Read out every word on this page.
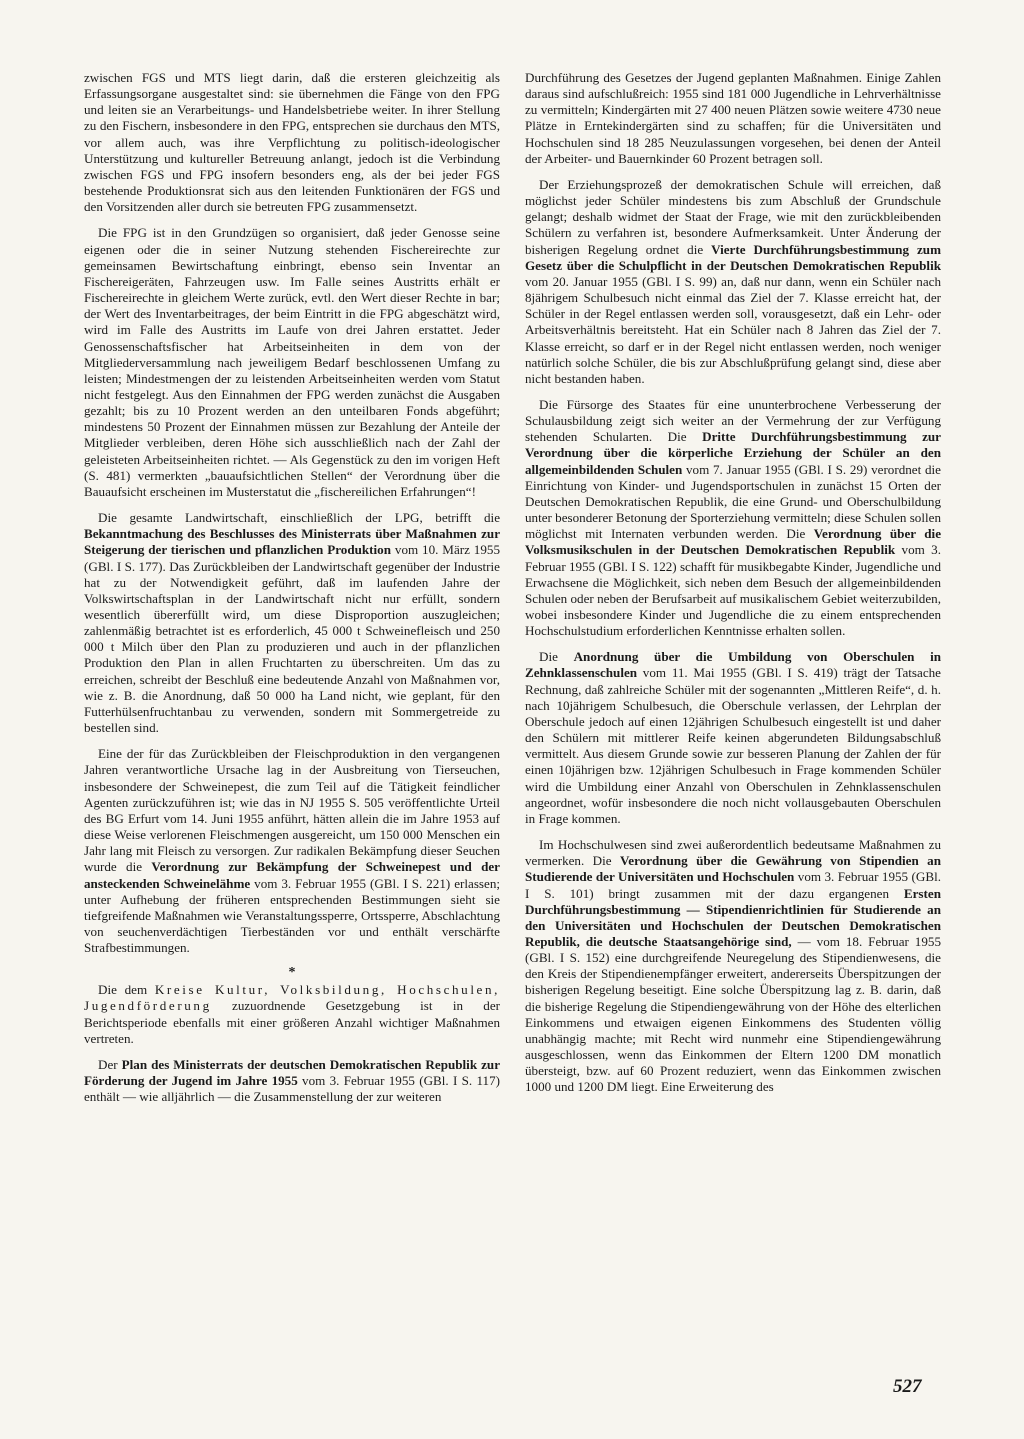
zwischen FGS und MTS liegt darin, daß die ersteren gleichzeitig als Erfassungsorgane ausgestaltet sind: sie übernehmen die Fänge von den FPG und leiten sie an Verarbeitungs- und Handelsbetriebe weiter. In ihrer Stellung zu den Fischern, insbesondere in den FPG, entsprechen sie durchaus den MTS, vor allem auch, was ihre Verpflichtung zu politisch-ideologischer Unterstützung und kultureller Betreuung anlangt, jedoch ist die Verbindung zwischen FGS und FPG insofern besonders eng, als der bei jeder FGS bestehende Produktionsrat sich aus den leitenden Funktionären der FGS und den Vorsitzenden aller durch sie betreuten FPG zusammensetzt.

Die FPG ist in den Grundzügen so organisiert, daß jeder Genosse seine eigenen oder die in seiner Nutzung stehenden Fischereirechte zur gemeinsamen Bewirtschaftung einbringt, ebenso sein Inventar an Fischereigeräten, Fahrzeugen usw. Im Falle seines Austritts erhält er Fischereirechte in gleichem Werte zurück, evtl. den Wert dieser Rechte in bar; der Wert des Inventarbeitrages, der beim Eintritt in die FPG abgeschätzt wird, wird im Falle des Austritts im Laufe von drei Jahren erstattet. Jeder Genossenschaftsfischer hat Arbeitseinheiten in dem von der Mitgliederversammlung nach jeweiligem Bedarf beschlossenen Umfang zu leisten; Mindestmengen der zu leistenden Arbeitseinheiten werden vom Statut nicht festgelegt. Aus den Einnahmen der FPG werden zunächst die Ausgaben gezahlt; bis zu 10 Prozent werden an den unteilbaren Fonds abgeführt; mindestens 50 Prozent der Einnahmen müssen zur Bezahlung der Anteile der Mitglieder verbleiben, deren Höhe sich ausschließlich nach der Zahl der geleisteten Arbeitseinheiten richtet. — Als Gegenstück zu den im vorigen Heft (S. 481) vermerkten „bauaufsichtlichen Stellen“ der Verordnung über die Bauaufsicht erscheinen im Musterstatut die „fischereilichen Erfahrungen“!

Die gesamte Landwirtschaft, einschließlich der LPG, betrifft die Bekanntmachung des Beschlusses des Ministerrats über Maßnahmen zur Steigerung der tierischen und pflanzlichen Produktion vom 10. März 1955 (GBl. I S. 177). Das Zurückbleiben der Landwirtschaft gegenüber der Industrie hat zu der Notwendigkeit geführt, daß im laufenden Jahre der Volkswirtschaftsplan in der Landwirtschaft nicht nur erfüllt, sondern wesentlich übererfüllt wird, um diese Disproportion auszugleichen; zahlenmäßig betrachtet ist es erforderlich, 45 000 t Schweinefleisch und 250 000 t Milch über den Plan zu produzieren und auch in der pflanzlichen Produktion den Plan in allen Fruchtarten zu überschreiten. Um das zu erreichen, schreibt der Beschluß eine bedeutende Anzahl von Maßnahmen vor, wie z. B. die Anordnung, daß 50 000 ha Land nicht, wie geplant, für den Futterhülsenfruchtanbau zu verwenden, sondern mit Sommergetreide zu bestellen sind.

Eine der für das Zurückbleiben der Fleischproduktion in den vergangenen Jahren verantwortliche Ursache lag in der Ausbreitung von Tierseuchen, insbesondere der Schweinepest, die zum Teil auf die Tätigkeit feindlicher Agenten zurückzuführen ist; wie das in NJ 1955 S. 505 veröffentlichte Urteil des BG Erfurt vom 14. Juni 1955 anführt, hätten allein die im Jahre 1953 auf diese Weise verlorenen Fleischmengen ausgereicht, um 150 000 Menschen ein Jahr lang mit Fleisch zu versorgen. Zur radikalen Bekämpfung dieser Seuchen wurde die Verordnung zur Bekämpfung der Schweinepest und der ansteckenden Schweinelähme vom 3. Februar 1955 (GBl. I S. 221) erlassen; unter Aufhebung der früheren entsprechenden Bestimmungen sieht sie tiefgreifende Maßnahmen wie Veranstaltungssperre, Ortssperre, Abschlachtung von seuchenverdächtigen Tierbeständen vor und enthält verschärfte Strafbestimmungen.

*

Die dem Kreise Kultur, Volksbildung, Hochschulen, Jugendförderung zuzuordnende Gesetzgebung ist in der Berichtsperiode ebenfalls mit einer größeren Anzahl wichtiger Maßnahmen vertreten.

Der Plan des Ministerrats der deutschen Demokratischen Republik zur Förderung der Jugend im Jahre 1955 vom 3. Februar 1955 (GBl. I S. 117) enthält — wie alljährlich — die Zusammenstellung der zur weiteren

Durchführung des Gesetzes der Jugend geplanten Maßnahmen. Einige Zahlen daraus sind aufschlußreich: 1955 sind 181 000 Jugendliche in Lehrverhältnisse zu vermitteln; Kindergärten mit 27 400 neuen Plätzen sowie weitere 4730 neue Plätze in Erntekindergärten sind zu schaffen; für die Universitäten und Hochschulen sind 18 285 Neuzulassungen vorgesehen, bei denen der Anteil der Arbeiter- und Bauernkinder 60 Prozent betragen soll.

Der Erziehungsprozeß der demokratischen Schule will erreichen, daß möglichst jeder Schüler mindestens bis zum Abschluß der Grundschule gelangt; deshalb widmet der Staat der Frage, wie mit den zurückbleibenden Schülern zu verfahren ist, besondere Aufmerksamkeit. Unter Änderung der bisherigen Regelung ordnet die Vierte Durchführungsbestimmung zum Gesetz über die Schulpflicht in der Deutschen Demokratischen Republik vom 20. Januar 1955 (GBl. I S. 99) an, daß nur dann, wenn ein Schüler nach 8jährigem Schulbesuch nicht einmal das Ziel der 7. Klasse erreicht hat, der Schüler in der Regel entlassen werden soll, vorausgesetzt, daß ein Lehr- oder Arbeitsverhältnis bereitsteht. Hat ein Schüler nach 8 Jahren das Ziel der 7. Klasse erreicht, so darf er in der Regel nicht entlassen werden, noch weniger natürlich solche Schüler, die bis zur Abschlußprüfung gelangt sind, diese aber nicht bestanden haben.

Die Fürsorge des Staates für eine ununterbrochene Verbesserung der Schulausbildung zeigt sich weiter an der Vermehrung der zur Verfügung stehenden Schularten. Die Dritte Durchführungsbestimmung zur Verordnung über die körperliche Erziehung der Schüler an den allgemeinbildenden Schulen vom 7. Januar 1955 (GBl. I S. 29) verordnet die Einrichtung von Kinder- und Jugendsportschulen in zunächst 15 Orten der Deutschen Demokratischen Republik, die eine Grund- und Oberschulbildung unter besonderer Betonung der Sporterziehung vermitteln; diese Schulen sollen möglichst mit Internaten verbunden werden. Die Verordnung über die Volksmusikschulen in der Deutschen Demokratischen Republik vom 3. Februar 1955 (GBl. I S. 122) schafft für musikbegabte Kinder, Jugendliche und Erwachsene die Möglichkeit, sich neben dem Besuch der allgemeinbildenden Schulen oder neben der Berufsarbeit auf musikalischem Gebiet weiterzubilden, wobei insbesondere Kinder und Jugendliche die zu einem entsprechenden Hochschulstudium erforderlichen Kenntnisse erhalten sollen.

Die Anordnung über die Umbildung von Oberschulen in Zehnklassenschulen vom 11. Mai 1955 (GBl. I S. 419) trägt der Tatsache Rechnung, daß zahlreiche Schüler mit der sogenannten „Mittleren Reife“, d. h. nach 10jährigem Schulbesuch, die Oberschule verlassen, der Lehrplan der Oberschule jedoch auf einen 12jährigen Schulbesuch eingestellt ist und daher den Schülern mit mittlerer Reife keinen abgerundeten Bildungsabschluß vermittelt. Aus diesem Grunde sowie zur besseren Planung der Zahlen der für einen 10jährigen bzw. 12jährigen Schulbesuch in Frage kommenden Schüler wird die Umbildung einer Anzahl von Oberschulen in Zehnklassenschulen angeordnet, wofür insbesondere die noch nicht vollausgebauten Oberschulen in Frage kommen.

Im Hochschulwesen sind zwei außerordentlich bedeutsame Maßnahmen zu vermerken. Die Verordnung über die Gewährung von Stipendien an Studierende der Universitäten und Hochschulen vom 3. Februar 1955 (GBl. I S. 101) bringt zusammen mit der dazu ergangenen Ersten Durchführungsbestimmung — Stipendienrichtlinien für Studierende an den Universitäten und Hochschulen der Deutschen Demokratischen Republik, die deutsche Staatsangehörige sind, — vom 18. Februar 1955 (GBl. I S. 152) eine durchgreifende Neuregelung des Stipendienwesens, die den Kreis der Stipendienempfänger erweitert, andererseits Überspitzungen der bisherigen Regelung beseitigt. Eine solche Überspitzung lag z. B. darin, daß die bisherige Regelung die Stipendiengewährung von der Höhe des elterlichen Einkommens und etwaigen eigenen Einkommens des Studenten völlig unabhängig machte; mit Recht wird nunmehr eine Stipendiengewährung ausgeschlossen, wenn das Einkommen der Eltern 1200 DM monatlich übersteigt, bzw. auf 60 Prozent reduziert, wenn das Einkommen zwischen 1000 und 1200 DM liegt. Eine Erweiterung des

527
